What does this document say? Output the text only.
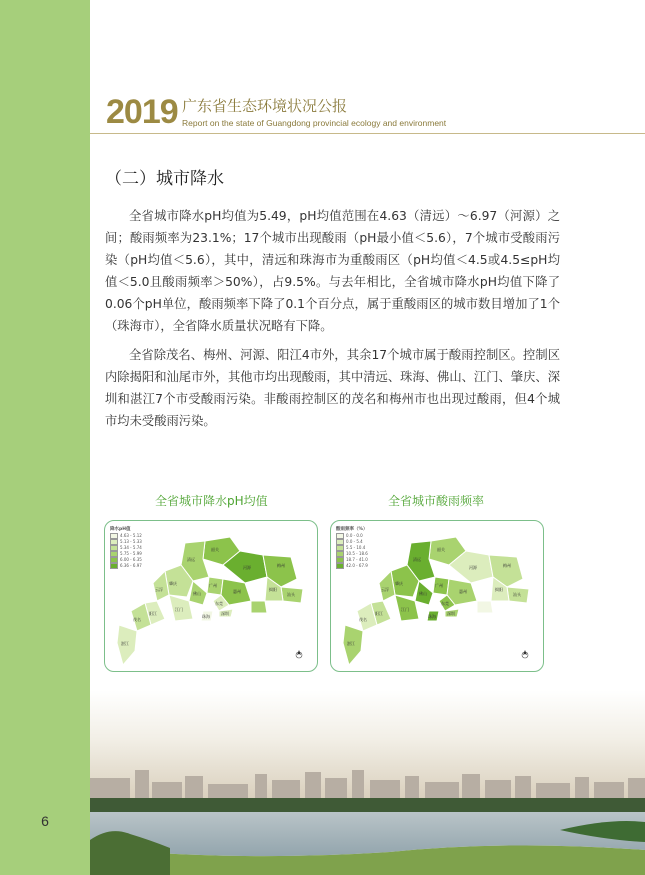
6
2019 广东省生态环境状况公报
Report on the state of Guangdong provincial ecology and environment
（二）城市降水

全省城市降水pH均值为5.49，pH均值范围在4.63（清远）～6.97（河源）之间；酸雨频率为23.1%；17个城市出现酸雨（pH最小值＜5.6），7个城市受酸雨污染（pH均值＜5.6），其中，清远和珠海市为重酸雨区（pH均值＜4.5或4.5≤pH均值＜5.0且酸雨频率＞50%），占9.5%。与去年相比，全省城市降水pH均值下降了0.06个pH单位，酸雨频率下降了0.1个百分点，属于重酸雨区的城市数目增加了1个（珠海市），全省降水质量状况略有下降。

全省除茂名、梅州、河源、阳江4市外，其余17个城市属于酸雨控制区。控制区内除揭阳和汕尾市外，其他市均出现酸雨，其中清远、珠海、佛山、江门、肇庆、深圳和湛江7个市受酸雨污染。非酸雨控制区的茂名和梅州市也出现过酸雨，但4个城市均未受酸雨污染。

全省城市降水pH均值	全省城市酸雨频率
韶关
清远
河源	梅州
肇庆	广州
惠州
汕头
云浮
佛山
东莞
揭阳
江门
深圳
阳江
珠海
茂名
湛江
降水pH值
4.63 - 5.12
5.13 - 5.33
5.34 - 5.74
5.75 - 5.99
6.00 - 6.35
6.36 - 6.97
韶关
清远
河源	梅州
肇庆	广州
惠州
汕头
云浮
佛山
东莞
揭阳
江门
深圳
阳江
珠海
茂名
湛江
酸雨频率（%）
0.0 - 0.0
0.0 - 5.4
5.5 - 10.4
10.5 - 18.6
18.7 - 41.0
42.0 - 67.9
